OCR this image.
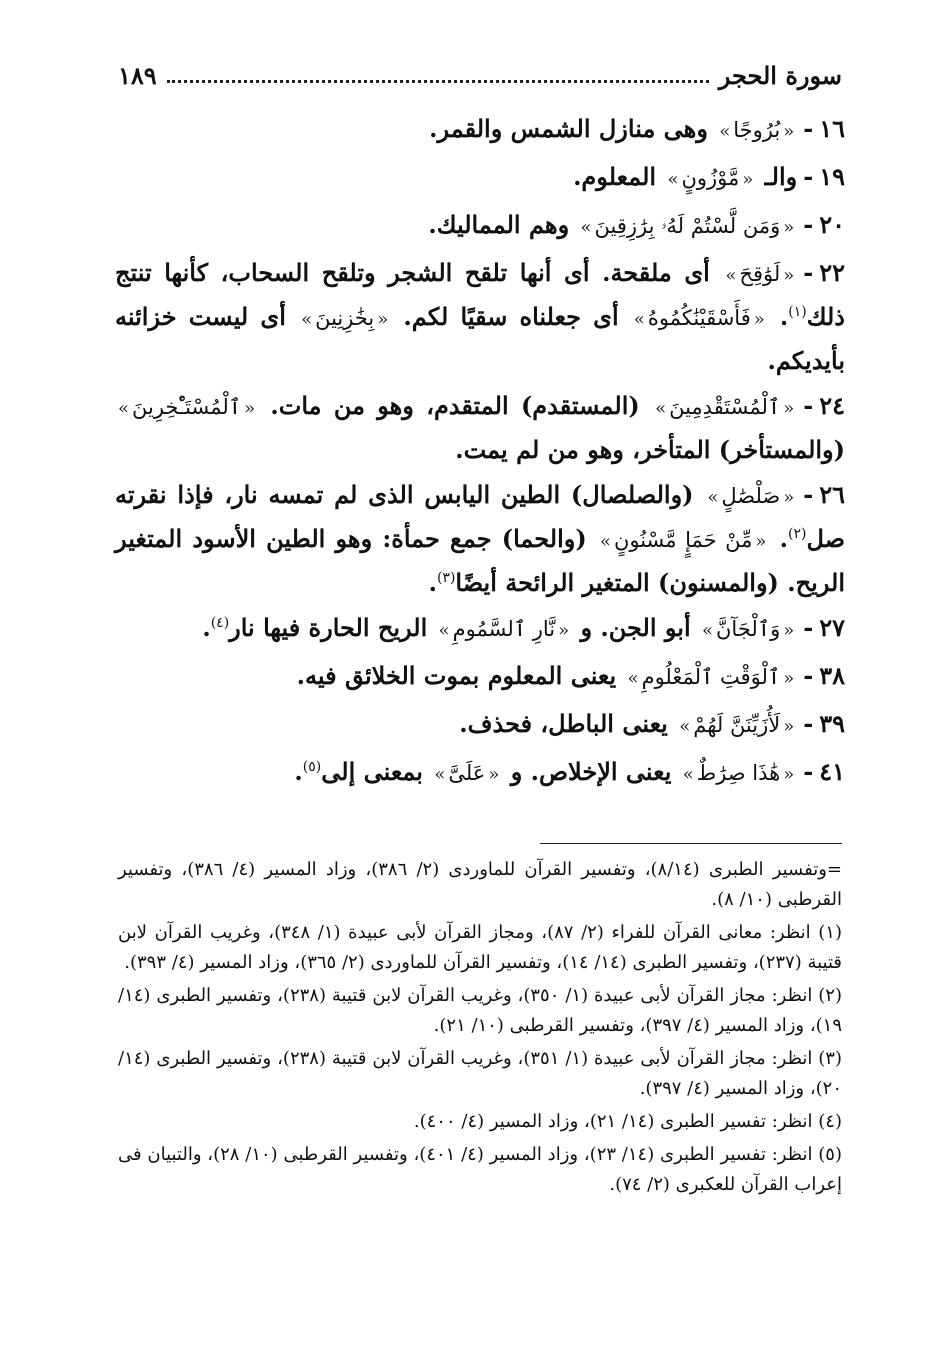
سورة الحجر
١٨٩
١٦-«بُرُوجًا» وهى منازل الشمس والقمر.
١٩-والـ «مَّوْزُونٍ» المعلوم.
٢٠-«وَمَن لَّسْتُمْ لَهُۥ بِرَٰزِقِينَ» وهم المماليك.
٢٢-«لَوَٰقِحَ» أى ملقحة. أى أنها تلقح الشجر وتلقح السحاب، كأنها تنتج ذلك$^{(١)}$. «فَأَسْقَيْنَٰكُمُوهُ» أى جعلناه سقيًا لكم. «بِخَٰزِنِينَ» أى ليست خزائنه بأيديكم.
٢٤-«ٱلْمُسْتَقْدِمِينَ» (المستقدم) المتقدم، وهو من مات. «ٱلْمُسْتَـْٔخِرِينَ» (والمستأخر) المتأخر، وهو من لم يمت.
٢٦-«صَلْصَٰلٍ» (والصلصال) الطين اليابس الذى لم تمسه نار، فإذا نقرته صل$^{(٢)}$. «مِّنْ حَمَإٍ مَّسْنُونٍ» (والحما) جمع حمأة: وهو الطين الأسود المتغير الريح. (والمسنون) المتغير الرائحة أيضًا$^{(٣)}$.
٢٧-«وَٱلْجَآنَّ» أبو الجن. و «نَّارِ ٱلسَّمُومِ» الريح الحارة فيها نار$^{(٤)}$.
٣٨-«ٱلْوَقْتِ ٱلْمَعْلُومِ» يعنى المعلوم بموت الخلائق فيه.
٣٩-«لَأُزَيِّنَنَّ لَهُمْ» يعنى الباطل، فحذف.
٤١-«هَٰذَا صِرَٰطٌ» يعنى الإخلاص. و «عَلَىَّ» بمعنى إلى$^{(٥)}$.
=وتفسير الطبرى (٨/١٤)، وتفسير القرآن للماوردى (٢/ ٣٨٦)، وزاد المسير (٤/ ٣٨٦)، وتفسير القرطبى (١٠/ ٨).
(١) انظر: معانى القرآن للفراء (٢/ ٨٧)، ومجاز القرآن لأبى عبيدة (١/ ٣٤٨)، وغريب القرآن لابن قتيبة (٢٣٧)، وتفسير الطبرى (١٤/ ١٤)، وتفسير القرآن للماوردى (٢/ ٣٦٥)، وزاد المسير (٤/ ٣٩٣).
(٢) انظر: مجاز القرآن لأبى عبيدة (١/ ٣٥٠)، وغريب القرآن لابن قتيبة (٢٣٨)، وتفسير الطبرى (١٤/ ١٩)، وزاد المسير (٤/ ٣٩٧)، وتفسير القرطبى (١٠/ ٢١).
(٣) انظر: مجاز القرآن لأبى عبيدة (١/ ٣٥١)، وغريب القرآن لابن قتيبة (٢٣٨)، وتفسير الطبرى (١٤/ ٢٠)، وزاد المسير (٤/ ٣٩٧).
(٤) انظر: تفسير الطبرى (١٤/ ٢١)، وزاد المسير (٤/ ٤٠٠).
(٥) انظر: تفسير الطبرى (١٤/ ٢٣)، وزاد المسير (٤/ ٤٠١)، وتفسير القرطبى (١٠/ ٢٨)، والتبيان فى إعراب القرآن للعكبرى (٢/ ٧٤).
